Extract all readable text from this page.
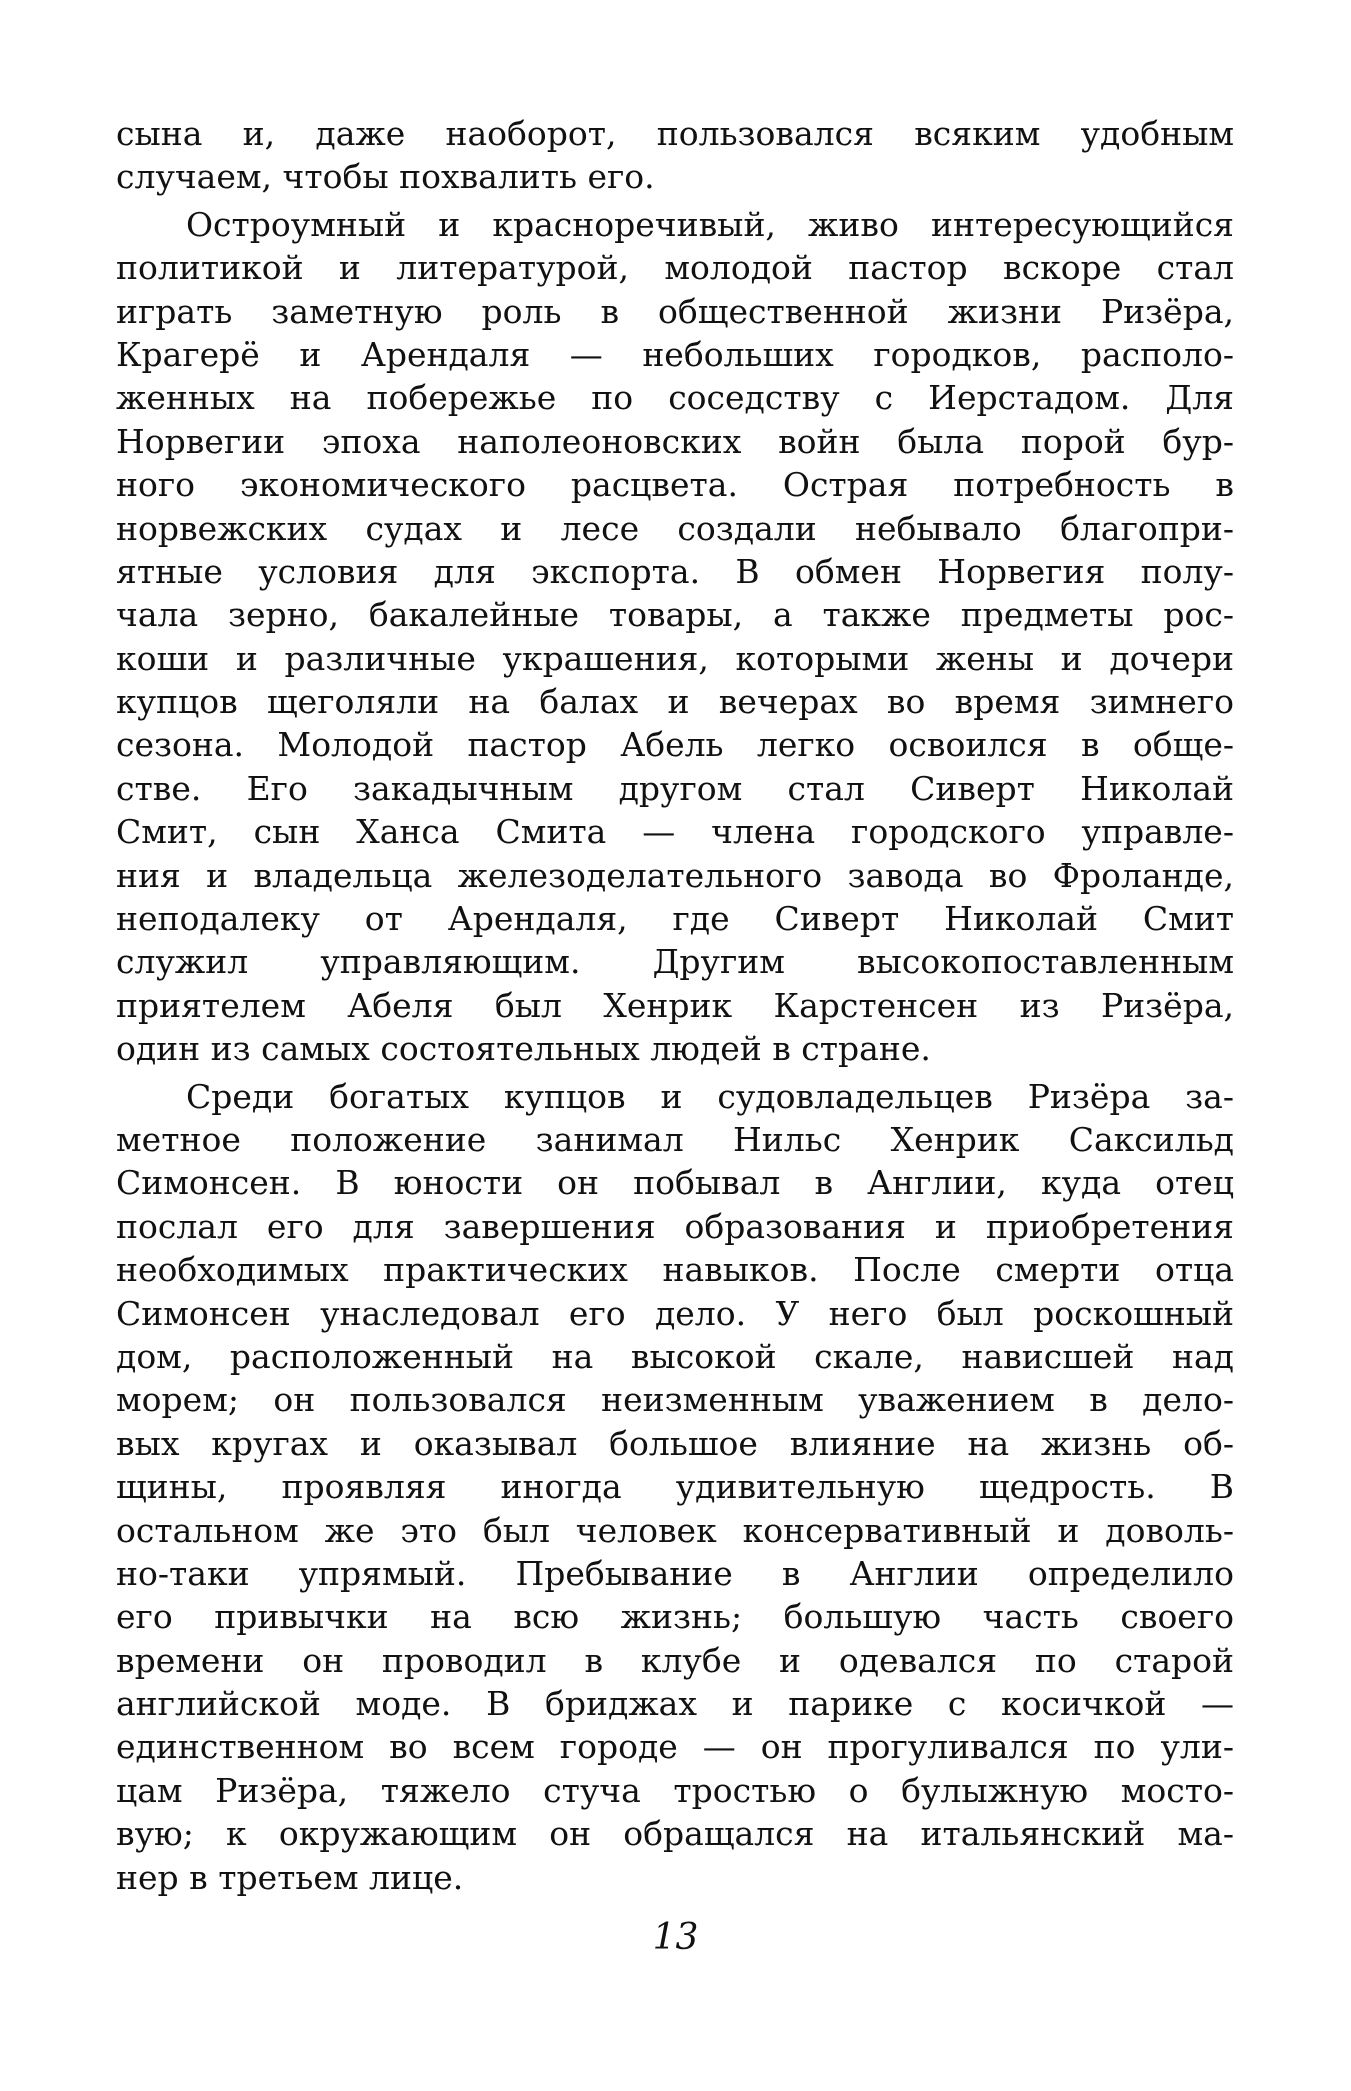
сына и, даже наоборот, пользовался всяким удобным
случаем, чтобы похвалить его.
Остроумный и красноречивый, живо интересующийся
политикой и литературой, молодой пастор вскоре стал
играть заметную роль в общественной жизни Ризёра,
Крагерё и Арендаля — небольших городков, располо-
женных на побережье по соседству с Иерстадом. Для
Норвегии эпоха наполеоновских войн была порой бур-
ного экономического расцвета. Острая потребность в
норвежских судах и лесе создали небывало благопри-
ятные условия для экспорта. В обмен Норвегия полу-
чала зерно, бакалейные товары, а также предметы рос-
коши и различные украшения, которыми жены и дочери
купцов щеголяли на балах и вечерах во время зимнего
сезона. Молодой пастор Абель легко освоился в обще-
стве. Его закадычным другом стал Сиверт Николай
Смит, сын Ханса Смита — члена городского управле-
ния и владельца железоделательного завода во Фроланде,
неподалеку от Арендаля, где Сиверт Николай Смит
служил управляющим. Другим высокопоставленным
приятелем Абеля был Хенрик Карстенсен из Ризёра,
один из самых состоятельных людей в стране.
Среди богатых купцов и судовладельцев Ризёра за-
метное положение занимал Нильс Хенрик Саксильд
Симонсен. В юности он побывал в Англии, куда отец
послал его для завершения образования и приобретения
необходимых практических навыков. После смерти отца
Симонсен унаследовал его дело. У него был роскошный
дом, расположенный на высокой скале, нависшей над
морем; он пользовался неизменным уважением в дело-
вых кругах и оказывал большое влияние на жизнь об-
щины, проявляя иногда удивительную щедрость. В
остальном же это был человек консервативный и доволь-
но-таки упрямый. Пребывание в Англии определило
его привычки на всю жизнь; большую часть своего
времени он проводил в клубе и одевался по старой
английской моде. В бриджах и парике с косичкой —
единственном во всем городе — он прогуливался по ули-
цам Ризёра, тяжело стуча тростью о булыжную мосто-
вую; к окружающим он обращался на итальянский ма-
нер в третьем лице.
13
